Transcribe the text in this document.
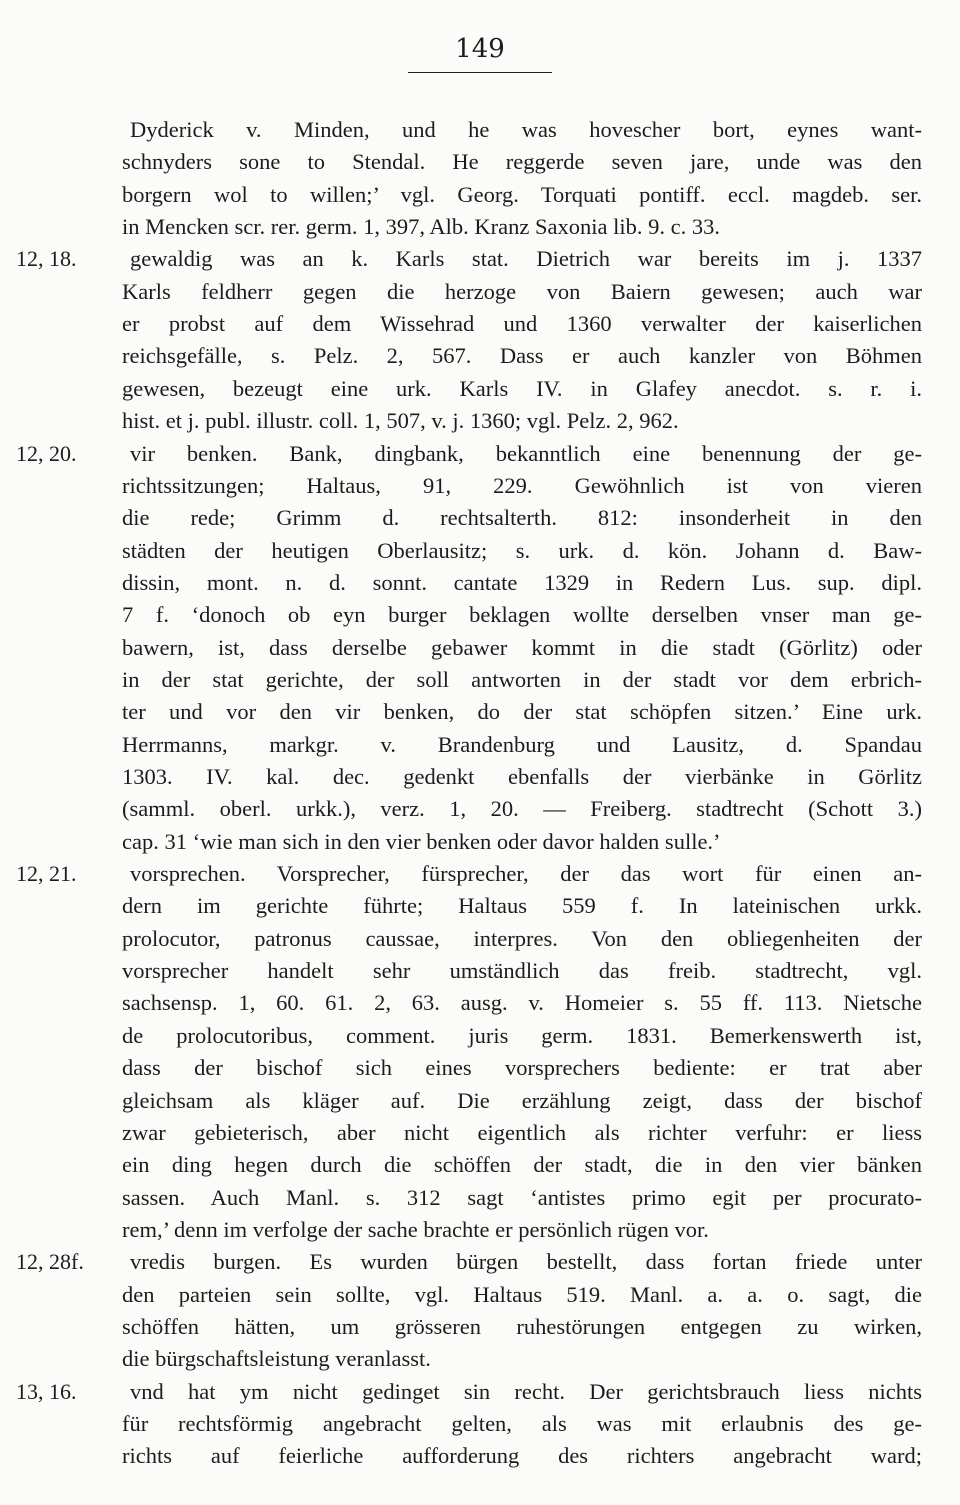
149
Dyderick v. Minden, und he was hovescher bort, eynes want-
schnyders sone to Stendal. He reggerde seven jare, unde was den
borgern wol to willen;’ vgl. Georg. Torquati pontiff. eccl. magdeb. ser.
in Mencken scr. rer. germ. 1, 397, Alb. Kranz Saxonia lib. 9. c. 33.
12, 18.	gewaldig was an k. Karls stat. Dietrich war bereits im j. 1337
Karls feldherr gegen die herzoge von Baiern gewesen; auch war
er probst auf dem Wissehrad und 1360 verwalter der kaiserlichen
reichsgefälle, s. Pelz. 2, 567. Dass er auch kanzler von Böhmen
gewesen, bezeugt eine urk. Karls IV. in Glafey anecdot. s. r. i.
hist. et j. publ. illustr. coll. 1, 507, v. j. 1360; vgl. Pelz. 2, 962.
12, 20.	vir benken. Bank, dingbank, bekanntlich eine benennung der ge-
richtssitzungen; Haltaus, 91, 229. Gewöhnlich ist von vieren
die rede; Grimm d. rechtsalterth. 812: insonderheit in den
städten der heutigen Oberlausitz; s. urk. d. kön. Johann d. Baw-
dissin, mont. n. d. sonnt. cantate 1329 in Redern Lus. sup. dipl.
7 f. ‘donoch ob eyn burger beklagen wollte derselben vnser man ge-
bawern, ist, dass derselbe gebawer kommt in die stadt (Görlitz) oder
in der stat gerichte, der soll antworten in der stadt vor dem erbrich-
ter und vor den vir benken, do der stat schöpfen sitzen.’ Eine urk.
Herrmanns, markgr. v. Brandenburg und Lausitz, d. Spandau
1303. IV. kal. dec. gedenkt ebenfalls der vierbänke in Görlitz
(samml. oberl. urkk.), verz. 1, 20. — Freiberg. stadtrecht (Schott 3.)
cap. 31 ‘wie man sich in den vier benken oder davor halden sulle.’
12, 21.	vorsprechen. Vorsprecher, fürsprecher, der das wort für einen an-
dern im gerichte führte; Haltaus 559 f. In lateinischen urkk.
prolocutor, patronus caussae, interpres. Von den obliegenheiten der
vorsprecher handelt sehr umständlich das freib. stadtrecht, vgl.
sachsensp. 1, 60. 61. 2, 63. ausg. v. Homeier s. 55 ff. 113. Nietsche
de prolocutoribus, comment. juris germ. 1831. Bemerkenswerth ist,
dass der bischof sich eines vorsprechers bediente: er trat aber
gleichsam als kläger auf. Die erzählung zeigt, dass der bischof
zwar gebieterisch, aber nicht eigentlich als richter verfuhr: er liess
ein ding hegen durch die schöffen der stadt, die in den vier bänken
sassen. Auch Manl. s. 312 sagt ‘antistes primo egit per procurato-
rem,’ denn im verfolge der sache brachte er persönlich rügen vor.
12, 28f.	vredis burgen. Es wurden bürgen bestellt, dass fortan friede unter
den parteien sein sollte, vgl. Haltaus 519. Manl. a. a. o. sagt, die
schöffen hätten, um grösseren ruhestörungen entgegen zu wirken,
die bürgschaftsleistung veranlasst.
13, 16.	vnd hat ym nicht gedinget sin recht. Der gerichtsbrauch liess nichts
für rechtsförmig angebracht gelten, als was mit erlaubnis des ge-
richts auf feierliche aufforderung des richters angebracht ward;
